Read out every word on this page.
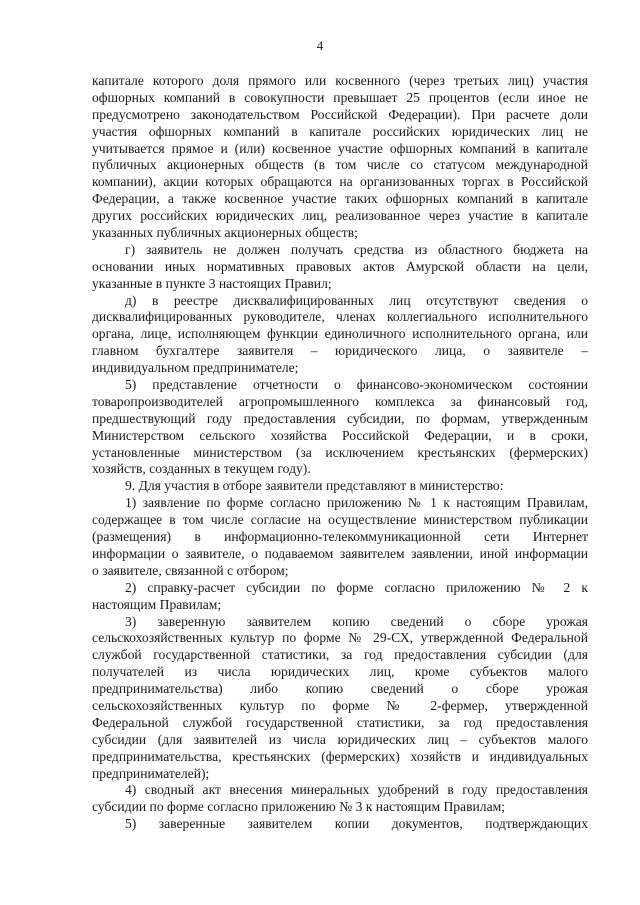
4
капитале которого доля прямого или косвенного (через третьих лиц) участия
офшорных компаний в совокупности превышает 25 процентов (если иное не
предусмотрено законодательством Российской Федерации). При расчете доли
участия офшорных компаний в капитале российских юридических лиц не
учитывается прямое и (или) косвенное участие офшорных компаний в капитале
публичных акционерных обществ (в том числе со статусом международной
компании), акции которых обращаются на организованных торгах в Российской
Федерации, а также косвенное участие таких офшорных компаний в капитале
других российских юридических лиц, реализованное через участие в капитале
указанных публичных акционерных обществ;
г) заявитель не должен получать средства из областного бюджета на
основании иных нормативных правовых актов Амурской области на цели,
указанные в пункте 3 настоящих Правил;
д) в реестре дисквалифицированных лиц отсутствуют сведения о
дисквалифицированных руководителе, членах коллегиального исполнительного
органа, лице, исполняющем функции единоличного исполнительного органа, или
главном бухгалтере заявителя – юридического лица, о заявителе –
индивидуальном предпринимателе;
5) представление отчетности о финансово-экономическом состоянии
товаропроизводителей агропромышленного комплекса за финансовый год,
предшествующий году предоставления субсидии, по формам, утвержденным
Министерством сельского хозяйства Российской Федерации, и в сроки,
установленные министерством (за исключением крестьянских (фермерских)
хозяйств, созданных в текущем году).
9. Для участия в отборе заявители представляют в министерство:
1) заявление по форме согласно приложению № 1 к настоящим Правилам,
содержащее в том числе согласие на осуществление министерством публикации
(размещения) в информационно-телекоммуникационной сети Интернет
информации о заявителе, о подаваемом заявителем заявлении, иной информации
о заявителе, связанной с отбором;
2) справку-расчет субсидии по форме согласно приложению № 2 к
настоящим Правилам;
3) заверенную заявителем копию сведений о сборе урожая
сельскохозяйственных культур по форме № 29-СХ, утвержденной Федеральной
службой государственной статистики, за год предоставления субсидии (для
получателей из числа юридических лиц, кроме субъектов малого
предпринимательства) либо копию сведений о сборе урожая
сельскохозяйственных культур по форме № 2-фермер, утвержденной
Федеральной службой государственной статистики, за год предоставления
субсидии (для заявителей из числа юридических лиц – субъектов малого
предпринимательства, крестьянских (фермерских) хозяйств и индивидуальных
предпринимателей);
4) сводный акт внесения минеральных удобрений в году предоставления
субсидии по форме согласно приложению № 3 к настоящим Правилам;
5) заверенные заявителем копии документов, подтверждающих
